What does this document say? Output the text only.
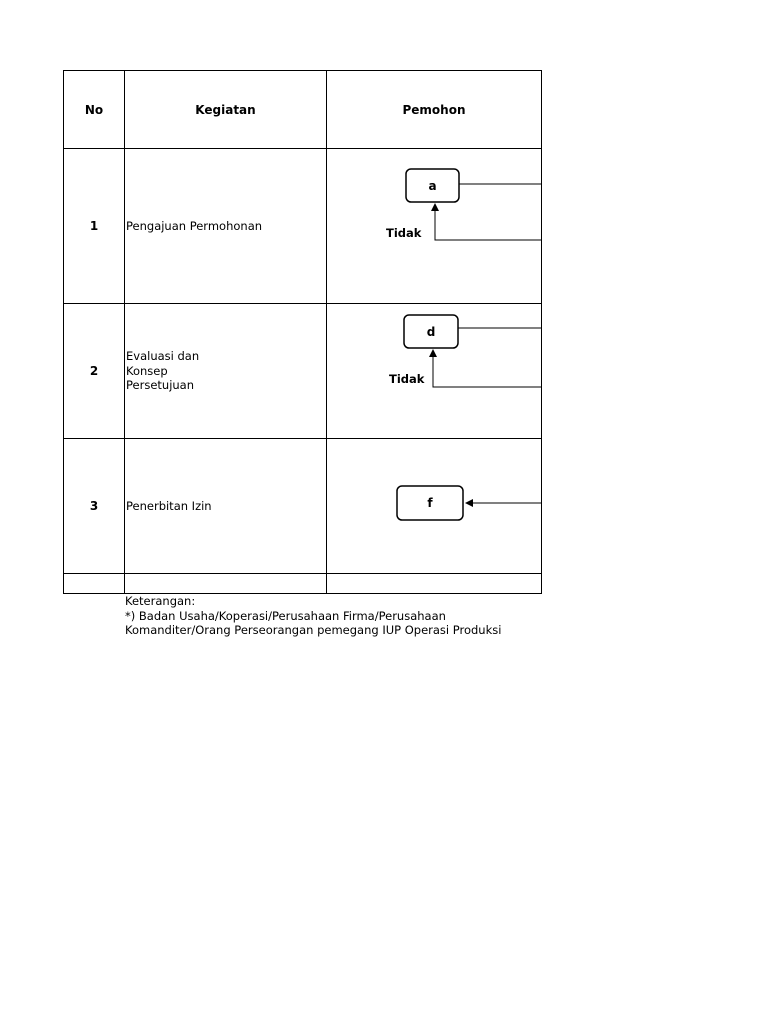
No	Kegiatan	Pemohon
1 Pengajuan Permohonan
2
Evaluasi dan
Konsep
Persetujuan
3 Penerbitan Izin
a
Tidak
d
Tidak
f
Keterangan:
*) Badan Usaha/Koperasi/Perusahaan Firma/Perusahaan
Komanditer/Orang Perseorangan pemegang IUP Operasi Produksi
